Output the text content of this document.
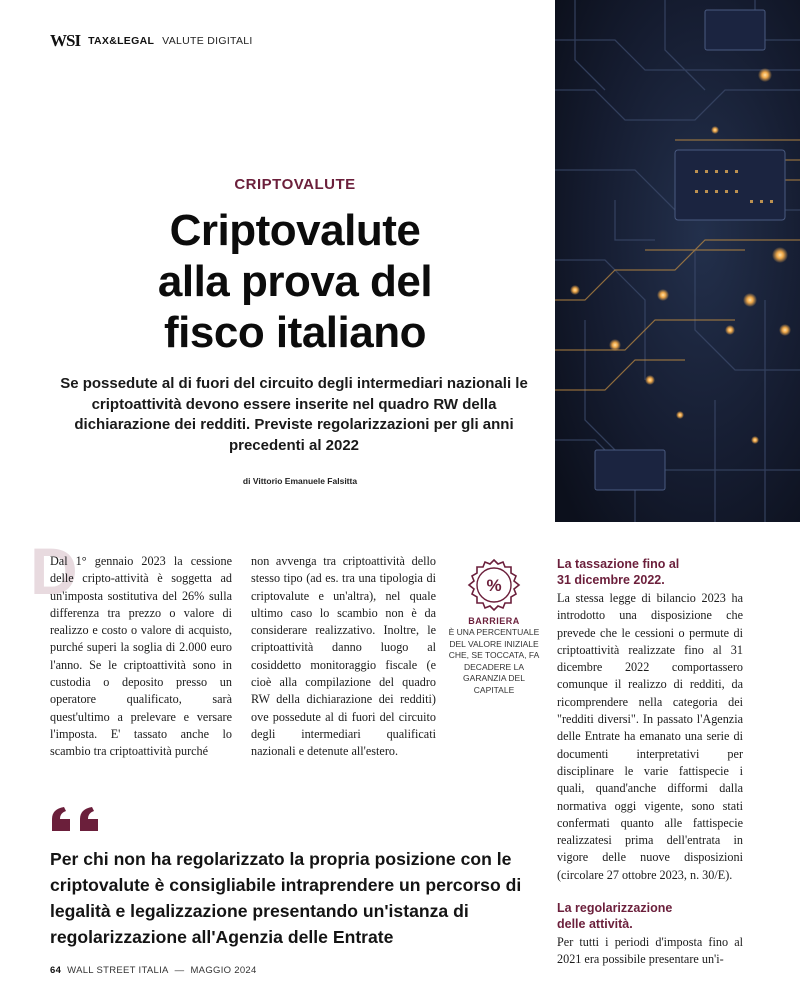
WSI TAX&LEGAL VALUTE DIGITALI
CRIPTOVALUTE
Criptovalute
alla prova del
fisco italiano

Se possedute al di fuori del circuito degli intermediari nazionali le criptoattività devono essere inserite nel quadro RW della dichiarazione dei redditi. Previste regolarizzazioni per gli anni precedenti al 2022

di Vittorio Emanuele Falsitta

D

Dal 1° gennaio 2023 la cessione delle cripto-attività è soggetta ad un'imposta sostitutiva del 26% sulla differenza tra prezzo o valore di realizzo e costo o valore di acquisto, purché superi la soglia di 2.000 euro l'anno. Se le criptoattività sono in custodia o deposito presso un operatore qualificato, sarà quest'ultimo a prelevare e versare l'imposta. E' tassato anche lo scambio tra criptoattività purché

non avvenga tra criptoattività dello stesso tipo (ad es. tra una tipologia di criptovalute e un'altra), nel quale ultimo caso lo scambio non è da considerare realizzativo. Inoltre, le criptoattività danno luogo al cosiddetto monitoraggio fiscale (e cioè alla compilazione del quadro RW della dichiarazione dei redditi) ove possedute al di fuori del circuito degli intermediari qualificati nazionali e detenute all'estero.

%
BARRIERA
È UNA PERCENTUALE DEL VALORE INIZIALE CHE, SE TOCCATA, FA DECADERE LA GARANZIA DEL CAPITALE
La tassazione fino al
31 dicembre 2022.

La stessa legge di bilancio 2023 ha introdotto una disposizione che prevede che le cessioni o permute di criptoattività realizzate fino al 31 dicembre 2022 comportassero comunque il realizzo di redditi, da ricomprendere nella categoria dei "redditi diversi". In passato l'Agenzia delle Entrate ha emanato una serie di documenti interpretativi per disciplinare le varie fattispecie i quali, quand'anche difformi dalla normativa oggi vigente, sono stati confermati quanto alle fattispecie realizzatesi prima dell'entrata in vigore delle nuove disposizioni (circolare 27 ottobre 2023, n. 30/E).

La regolarizzazione
delle attività.

Per tutti i periodi d'imposta fino al 2021 era possibile presentare un'i-

Per chi non ha regolarizzato la propria posizione con le criptovalute è consigliabile intraprendere un percorso di legalità e legalizzazione presentando un'istanza di regolarizzazione all'Agenzia delle Entrate

64 WALL STREET ITALIA — MAGGIO 2024
